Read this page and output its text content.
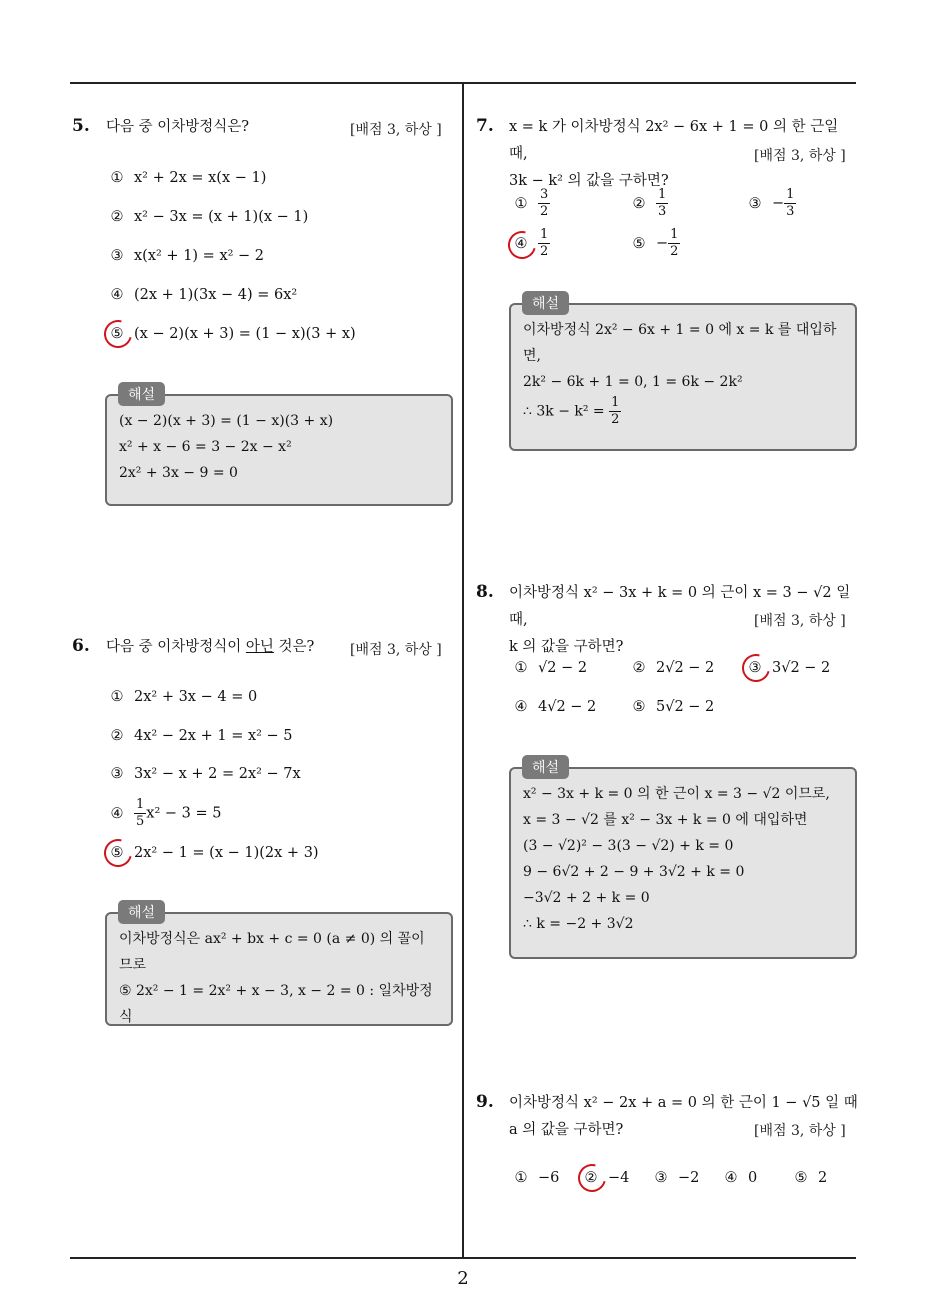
5. 다음 중 이차방정식은?	[배점 3, 하상 ]
① x² + 2x = x(x − 1)
② x² − 3x = (x + 1)(x − 1)
③ x(x² + 1) = x² − 2
④ (2x + 1)(3x − 4) = 6x²
⑤ (x − 2)(x + 3) = (1 − x)(3 + x)
(x − 2)(x + 3) = (1 − x)(3 + x)
x² + x − 6 = 3 − 2x − x²
2x² + 3x − 9 = 0
해설
6. 다음 중 이차방정식이 아닌 것은?	[배점 3, 하상 ]
① 2x² + 3x − 4 = 0
② 4x² − 2x + 1 = x² − 5
③ 3x² − x + 2 = 2x² − 7x
④ $\frac{1}{5} x^2 - 3 = 5$
⑤ 2x² − 1 = (x − 1)(2x + 3)
이차방정식은 ax² + bx + c = 0 (a ≠ 0) 의 꼴이
므로
⑤ 2x² − 1 = 2x² + x − 3, x − 2 = 0 : 일차방정식
해설
7. x = k 가 이차방정식 2x² − 6x + 1 = 0 의 한 근일 때,
3k − k² 의 값을 구하면?
[배점 3, 하상 ]
① $\frac{3}{2}$	② $\frac{1}{3}$	③ − $\frac{1}{3}$
④ $\frac{1}{2}$	⑤ − $\frac{1}{2}$
이차방정식 2x² − 6x + 1 = 0 에 x = k 를 대입하
면,
2k² − 6k + 1 = 0, 1 = 6k − 2k²
∴ $3k - k^2 = \frac{1}{2}$
해설
8. 이차방정식 x² − 3x + k = 0 의 근이 x = 3 − √2 일 때,
k 의 값을 구하면?
[배점 3, 하상 ]
① √2 − 2	② 2√2 − 2 ③ 3√2 − 2
④ 4√2 − 2 ⑤ 5√2 − 2
x² − 3x + k = 0 의 한 근이 x = 3 − √2 이므로,
x = 3 − √2 를 x² − 3x + k = 0 에 대입하면
(3 − √2)² − 3(3 − √2) + k = 0
9 − 6√2 + 2 − 9 + 3√2 + k = 0
−3√2 + 2 + k = 0
∴ k = −2 + 3√2
해설
9. 이차방정식 x² − 2x + a = 0 의 한 근이 1 − √5 일 때
a 의 값을 구하면?	[배점 3, 하상 ]
① −6 ② −4 ③ −2 ④ 0	⑤ 2
2
